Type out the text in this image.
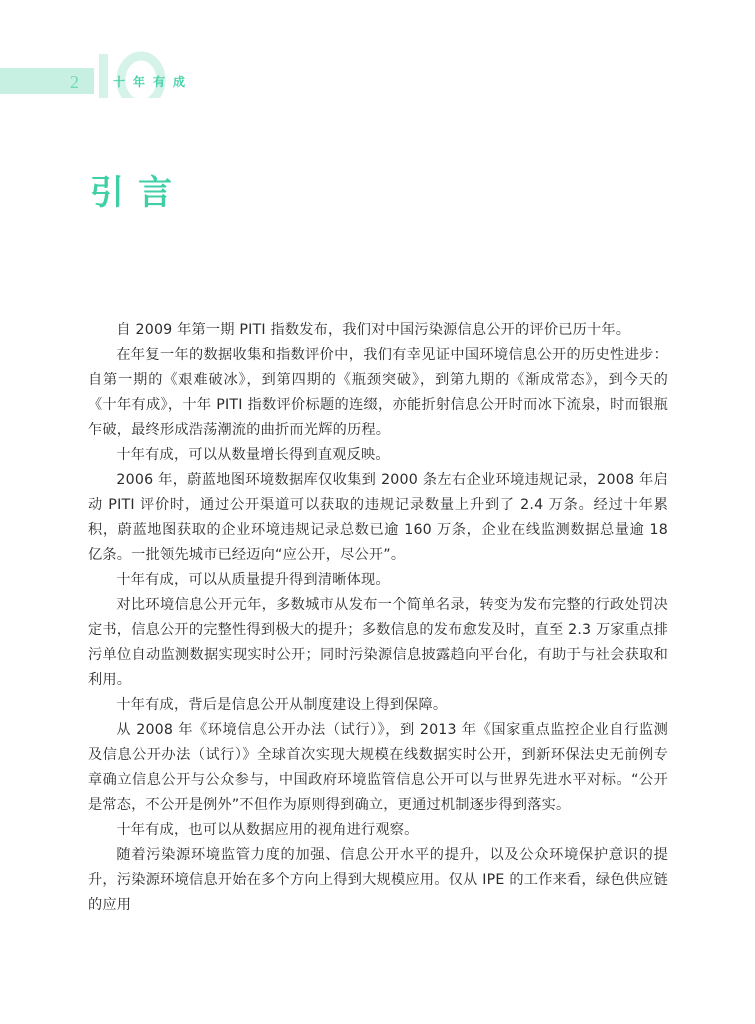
2	十年有成
引言

自 2009 年第一期 PITI 指数发布，我们对中国污染源信息公开的评价已历十年。

在年复一年的数据收集和指数评价中，我们有幸见证中国环境信息公开的历史性进步：自第一期的《艰难破冰》，到第四期的《瓶颈突破》，到第九期的《渐成常态》，到今天的《十年有成》，十年 PITI 指数评价标题的连缀，亦能折射信息公开时而冰下流泉，时而银瓶乍破，最终形成浩荡潮流的曲折而光辉的历程。

十年有成，可以从数量增长得到直观反映。

2006 年，蔚蓝地图环境数据库仅收集到 2000 条左右企业环境违规记录，2008 年启动 PITI 评价时，通过公开渠道可以获取的违规记录数量上升到了 2.4 万条。经过十年累积，蔚蓝地图获取的企业环境违规记录总数已逾 160 万条，企业在线监测数据总量逾 18 亿条。一批领先城市已经迈向“应公开，尽公开”。

十年有成，可以从质量提升得到清晰体现。

对比环境信息公开元年，多数城市从发布一个简单名录，转变为发布完整的行政处罚决定书，信息公开的完整性得到极大的提升；多数信息的发布愈发及时，直至 2.3 万家重点排污单位自动监测数据实现实时公开；同时污染源信息披露趋向平台化，有助于与社会获取和利用。

十年有成，背后是信息公开从制度建设上得到保障。

从 2008 年《环境信息公开办法（试行）》，到 2013 年《国家重点监控企业自行监测及信息公开办法（试行）》全球首次实现大规模在线数据实时公开，到新环保法史无前例专章确立信息公开与公众参与，中国政府环境监管信息公开可以与世界先进水平对标。“公开是常态，不公开是例外”不但作为原则得到确立，更通过机制逐步得到落实。

十年有成，也可以从数据应用的视角进行观察。

随着污染源环境监管力度的加强、信息公开水平的提升，以及公众环境保护意识的提升，污染源环境信息开始在多个方向上得到大规模应用。仅从 IPE 的工作来看，绿色供应链的应用
